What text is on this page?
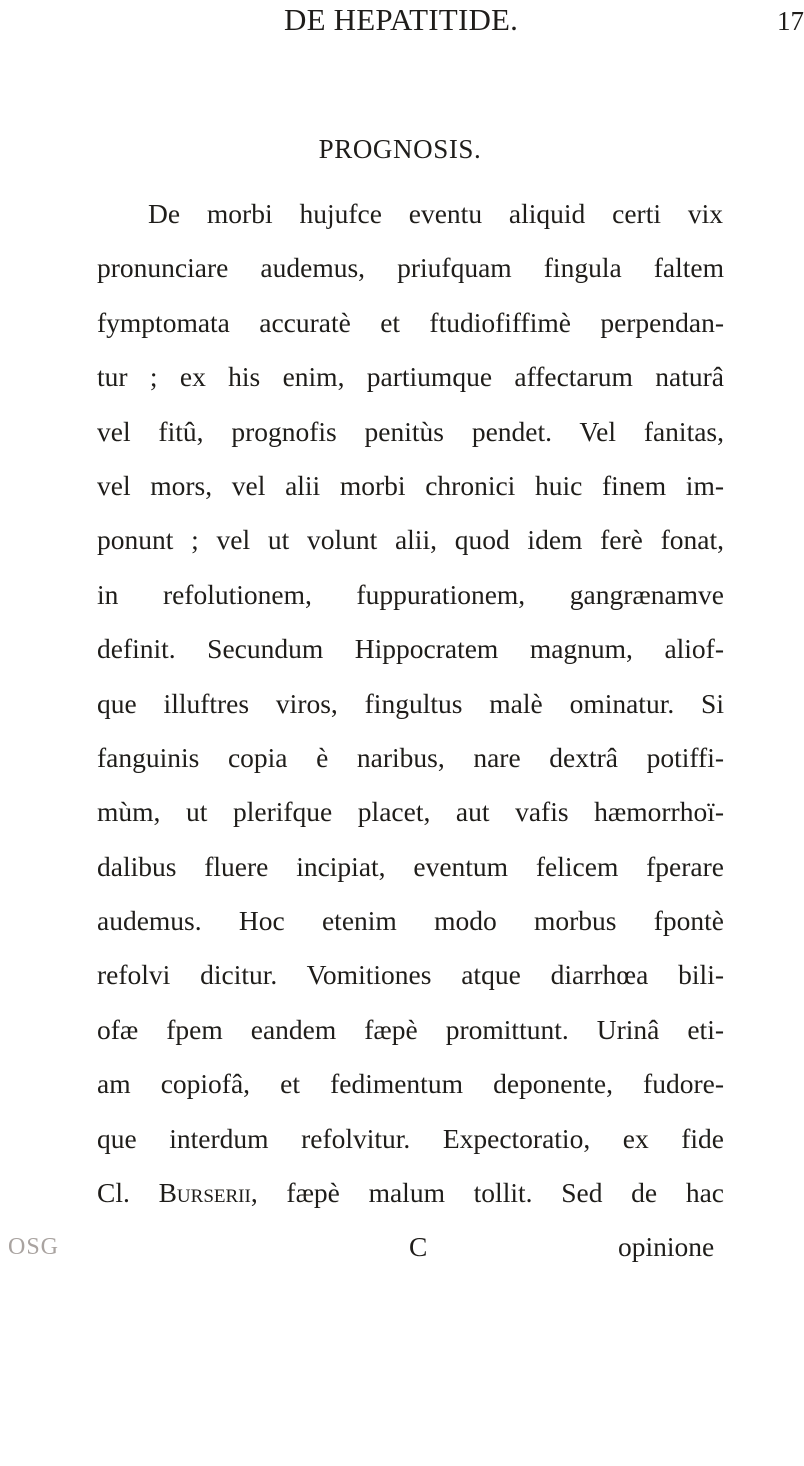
DE HEPATITIDE.	17
PROGNOSIS.
De morbi hujufce eventu aliquid certi vix
pronunciare audemus, priufquam fingula faltem
fymptomata accuratè et ftudiofiffimè perpendan-
tur ; ex his enim, partiumque affectarum naturâ
vel fitû, prognofis penitùs pendet. Vel fanitas,
vel mors, vel alii morbi chronici huic finem im-
ponunt ; vel ut volunt alii, quod idem ferè fonat,
in refolutionem, fuppurationem, gangrænamve
definit. Secundum Hippocratem magnum, aliof-
que illuftres viros, fingultus malè ominatur. Si
fanguinis copia è naribus, nare dextrâ potiffi-
mùm, ut plerifque placet, aut vafis hæmorrhoï-
dalibus fluere incipiat, eventum felicem fperare
audemus. Hoc etenim modo morbus fpontè
refolvi dicitur. Vomitiones atque diarrhœa bili-
ofæ fpem eandem fæpè promittunt. Urinâ eti-
am copiofâ, et fedimentum deponente, fudore-
que interdum refolvitur. Expectoratio, ex fide
Cl. Burserii, fæpè malum tollit. Sed de hac
OSG	C	opinione
